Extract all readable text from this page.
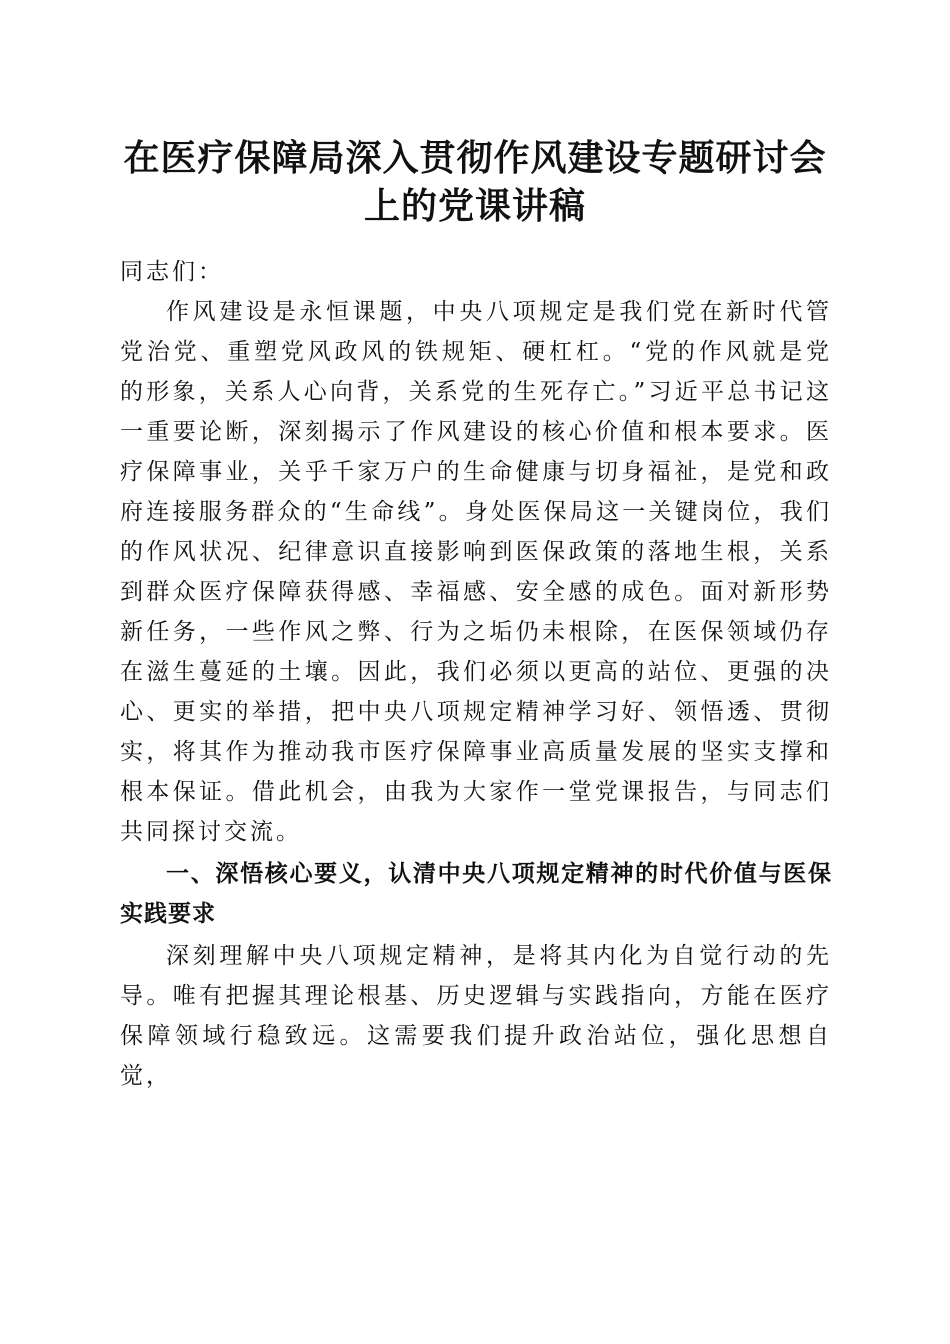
在医疗保障局深入贯彻作风建设专题研讨会上的党课讲稿

同志们：

作风建设是永恒课题，中央八项规定是我们党在新时代管党治党、重塑党风政风的铁规矩、硬杠杠。“党的作风就是党的形象，关系人心向背，关系党的生死存亡。”习近平总书记这一重要论断，深刻揭示了作风建设的核心价值和根本要求。医疗保障事业，关乎千家万户的生命健康与切身福祉，是党和政府连接服务群众的“生命线”。身处医保局这一关键岗位，我们的作风状况、纪律意识直接影响到医保政策的落地生根，关系到群众医疗保障获得感、幸福感、安全感的成色。面对新形势新任务，一些作风之弊、行为之垢仍未根除，在医保领域仍存在滋生蔓延的土壤。因此，我们必须以更高的站位、更强的决心、更实的举措，把中央八项规定精神学习好、领悟透、贯彻实，将其作为推动我市医疗保障事业高质量发展的坚实支撑和根本保证。借此机会，由我为大家作一堂党课报告，与同志们共同探讨交流。

一、深悟核心要义，认清中央八项规定精神的时代价值与医保实践要求

深刻理解中央八项规定精神，是将其内化为自觉行动的先导。唯有把握其理论根基、历史逻辑与实践指向，方能在医疗保障领域行稳致远。这需要我们提升政治站位，强化思想自觉，
